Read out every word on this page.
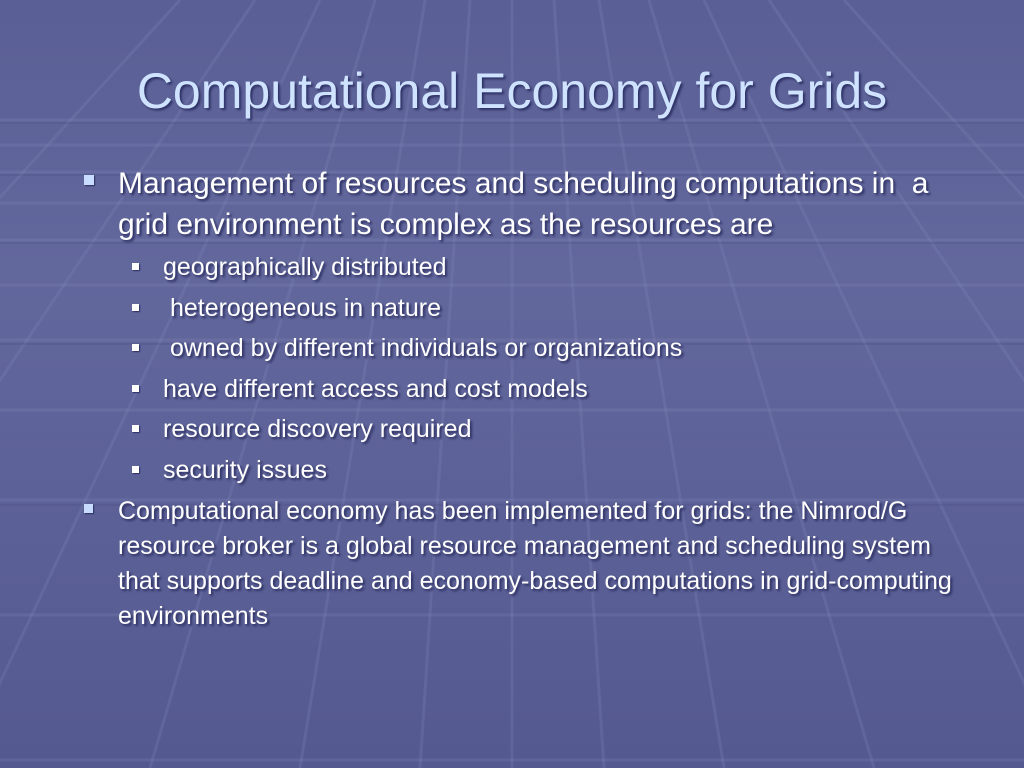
Computational Economy for Grids
Management of resources and scheduling computations in  a grid environment is complex as the resources are
geographically distributed
heterogeneous in nature
owned by different individuals or organizations
have different access and cost models
resource discovery required
security issues
Computational economy has been implemented for grids: the Nimrod/G resource broker is a global resource management and scheduling system that supports deadline and economy-based computations in grid-computing environments
